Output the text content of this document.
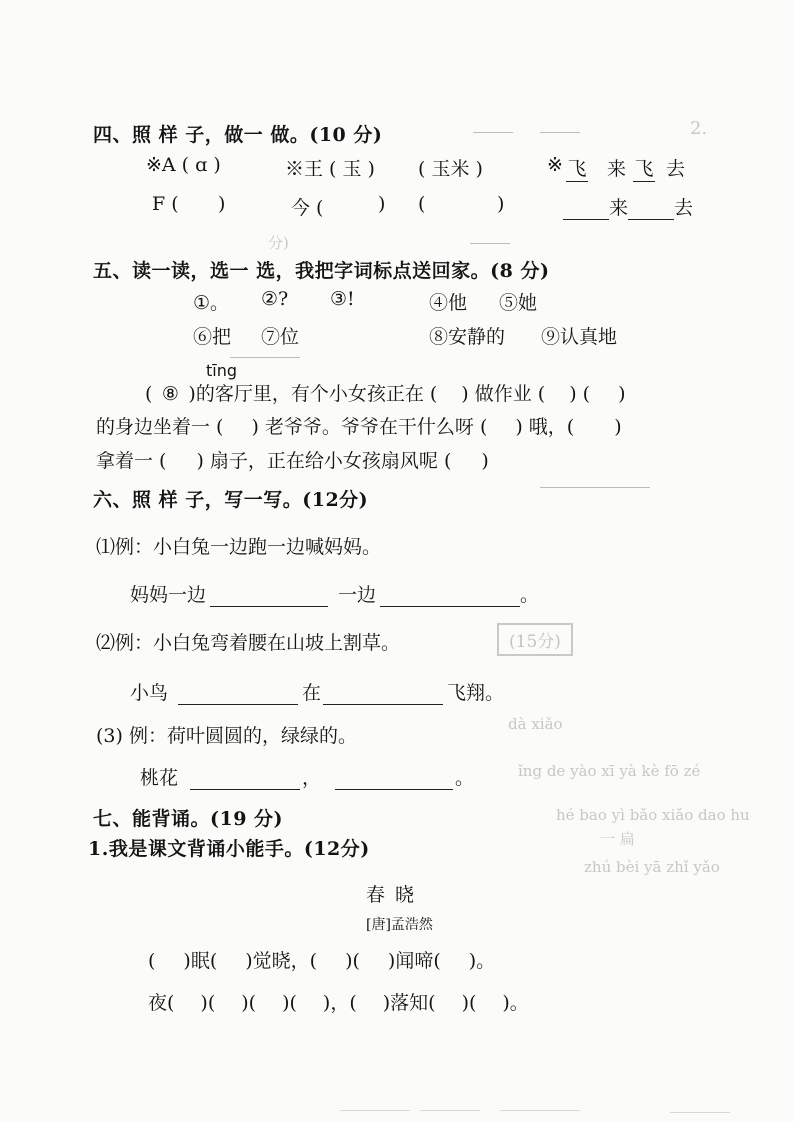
四、照 样 子，做一 做。(10 分)
※A ( ɑ )	※王 ( 玉 ) ( 玉米 )	※ 飞 来 飞 去
F ( )	今 (	) (	)	来 去
2.
分)
五、读一读，选一 选，我把字词标点送回家。(8 分)
①。 ②? ③!	④他 ⑤她
⑥把 ⑦位	⑧安静的 ⑨认真地
tīng
( ⑧ )的客厅里，有个小女孩正在 ( ) 做作业 ( ) ( )
的身边坐着一 ( ) 老爷爷。爷爷在干什么呀 ( ) 哦，( )
拿着一 ( ) 扇子，正在给小女孩扇风呢 ( )
六、照 样 子，写一写。(12分)
⑴例：小白兔一边跑一边喊妈妈。
妈妈一边	一边	。
(15分)
⑵例：小白兔弯着腰在山坡上割草。
小鸟	在	飞翔。
(3) 例：荷叶圆圆的，绿绿的。
桃花	，	。
dà xiǎo
ǐng de yào xī yà kè fō zé
hé bao yì bǎo xiǎo dao hu
一 扁
zhú bèi yā zhǐ yǎo
七、能背诵。(19 分)
1.我是课文背诵小能手。(12分)
春 晓
[唐]孟浩然
( )眠( )觉晓，( )( )闻啼( )。
夜( )( )( )( )，( )落知( )( )。
